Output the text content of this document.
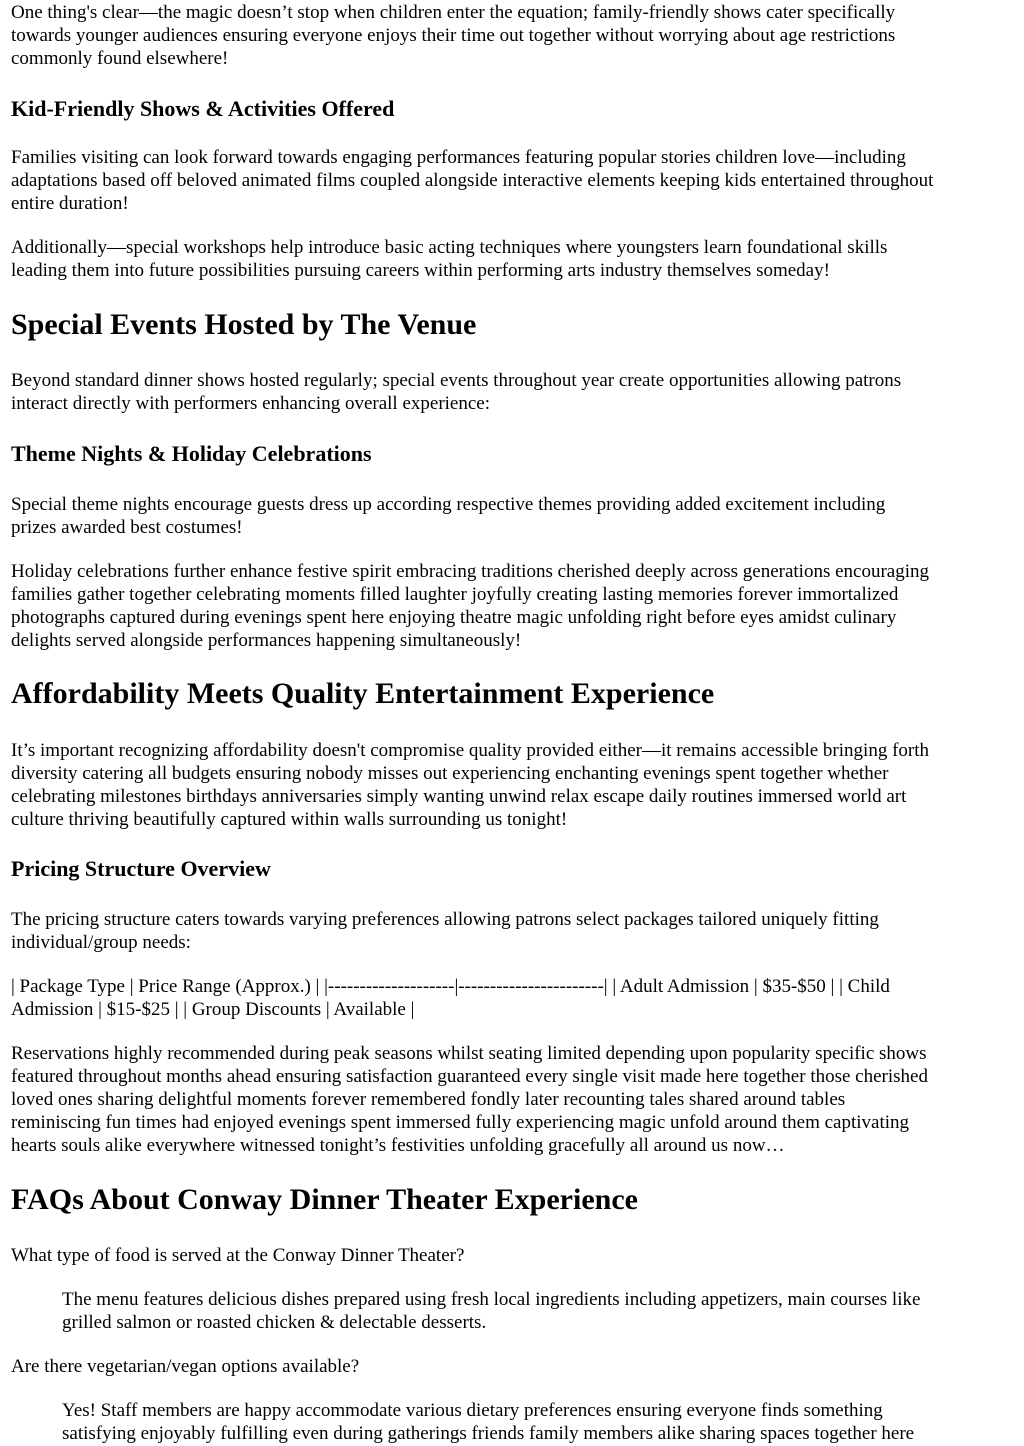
One thing's clear—the magic doesn’t stop when children enter the equation; family-friendly shows cater specifically
towards younger audiences ensuring everyone enjoys their time out together without worrying about age restrictions
commonly found elsewhere!

Kid-Friendly Shows & Activities Offered

Families visiting can look forward towards engaging performances featuring popular stories children love—including
adaptations based off beloved animated films coupled alongside interactive elements keeping kids entertained throughout
entire duration!

Additionally—special workshops help introduce basic acting techniques where youngsters learn foundational skills
leading them into future possibilities pursuing careers within performing arts industry themselves someday!

Special Events Hosted by The Venue

Beyond standard dinner shows hosted regularly; special events throughout year create opportunities allowing patrons
interact directly with performers enhancing overall experience:

Theme Nights & Holiday Celebrations

Special theme nights encourage guests dress up according respective themes providing added excitement including
prizes awarded best costumes!

Holiday celebrations further enhance festive spirit embracing traditions cherished deeply across generations encouraging
families gather together celebrating moments filled laughter joyfully creating lasting memories forever immortalized
photographs captured during evenings spent here enjoying theatre magic unfolding right before eyes amidst culinary
delights served alongside performances happening simultaneously!

Affordability Meets Quality Entertainment Experience

It’s important recognizing affordability doesn't compromise quality provided either—it remains accessible bringing forth
diversity catering all budgets ensuring nobody misses out experiencing enchanting evenings spent together whether
celebrating milestones birthdays anniversaries simply wanting unwind relax escape daily routines immersed world art
culture thriving beautifully captured within walls surrounding us tonight!

Pricing Structure Overview

The pricing structure caters towards varying preferences allowing patrons select packages tailored uniquely fitting
individual/group needs:

| Package Type | Price Range (Approx.) | |--------------------|-----------------------| | Adult Admission | $35-$50 | | Child
Admission | $15-$25 | | Group Discounts | Available |

Reservations highly recommended during peak seasons whilst seating limited depending upon popularity specific shows
featured throughout months ahead ensuring satisfaction guaranteed every single visit made here together those cherished
loved ones sharing delightful moments forever remembered fondly later recounting tales shared around tables
reminiscing fun times had enjoyed evenings spent immersed fully experiencing magic unfold around them captivating
hearts souls alike everywhere witnessed tonight’s festivities unfolding gracefully all around us now…

FAQs About Conway Dinner Theater Experience
What type of food is served at the Conway Dinner Theater?
The menu features delicious dishes prepared using fresh local ingredients including appetizers, main courses like
grilled salmon or roasted chicken & delectable desserts.
Are there vegetarian/vegan options available?
Yes! Staff members are happy accommodate various dietary preferences ensuring everyone finds something
satisfying enjoyably fulfilling even during gatherings friends family members alike sharing spaces together here
